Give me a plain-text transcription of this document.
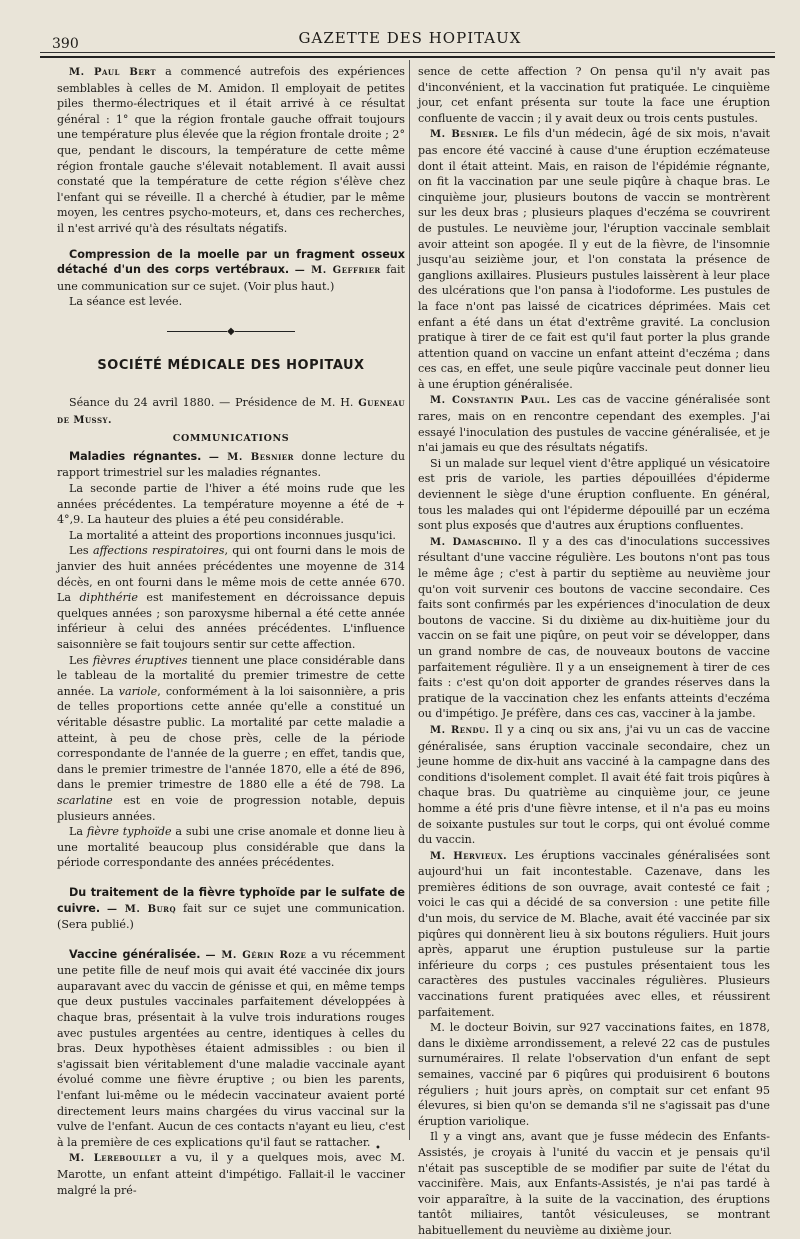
390	GAZETTE DES HOPITAUX

M. Paul Bert a commencé autrefois des expériences semblables à celles de M. Amidon. Il employait de petites piles thermo-électriques et il était arrivé à ce résultat général : 1° que la région frontale gauche offrait toujours une température plus élevée que la région frontale droite ; 2° que, pendant le discours, la température de cette même région frontale gauche s'élevait notablement. Il avait aussi constaté que la température de cette région s'élève chez l'enfant qui se réveille. Il a cherché à étudier, par le même moyen, les centres psycho-moteurs, et, dans ces recherches, il n'est arrivé qu'à des résultats négatifs.

Compression de la moelle par un fragment osseux détaché d'un des corps vertébraux. — M. Geffrier fait une communication sur ce sujet. (Voir plus haut.)

La séance est levée.

◆
SOCIÉTÉ MÉDICALE DES HOPITAUX

Séance du 24 avril 1880. — Présidence de M. H. Gueneau de Mussy.

COMMUNICATIONS

Maladies régnantes. — M. Besnier donne lecture du rapport trimestriel sur les maladies régnantes.

La seconde partie de l'hiver a été moins rude que les années précédentes. La température moyenne a été de + 4°,9. La hauteur des pluies a été peu considérable.

La mortalité a atteint des proportions inconnues jusqu'ici.

Les affections respiratoires, qui ont fourni dans le mois de janvier des huit années précédentes une moyenne de 314 décès, en ont fourni dans le même mois de cette année 670. La diphthérie est manifestement en décroissance depuis quelques années ; son paroxysme hibernal a été cette année inférieur à celui des années précédentes. L'influence saisonnière se fait toujours sentir sur cette affection.

Les fièvres éruptives tiennent une place considérable dans le tableau de la mortalité du premier trimestre de cette année. La variole, conformément à la loi saisonnière, a pris de telles proportions cette année qu'elle a constitué un véritable désastre public. La mortalité par cette maladie a atteint, à peu de chose près, celle de la période correspondante de l'année de la guerre ; en effet, tandis que, dans le premier trimestre de l'année 1870, elle a été de 896, dans le premier trimestre de 1880 elle a été de 798. La scarlatine est en voie de progression notable, depuis plusieurs années.

La fièvre typhoïde a subi une crise anomale et donne lieu à une mortalité beaucoup plus considérable que dans la période correspondante des années précédentes.

Du traitement de la fièvre typhoïde par le sulfate de cuivre. — M. Burq fait sur ce sujet une communication. (Sera publié.)

Vaccine généralisée. — M. Gérin Roze a vu récemment une petite fille de neuf mois qui avait été vaccinée dix jours auparavant avec du vaccin de génisse et qui, en même temps que deux pustules vaccinales parfaitement développées à chaque bras, présentait à la vulve trois indurations rouges avec pustules argentées au centre, identiques à celles du bras. Deux hypothèses étaient admissibles : ou bien il s'agissait bien véritablement d'une maladie vaccinale ayant évolué comme une fièvre éruptive ; ou bien les parents, l'enfant lui-même ou le médecin vaccinateur avaient porté directement leurs mains chargées du virus vaccinal sur la vulve de l'enfant. Aucun de ces contacts n'ayant eu lieu, c'est à la première de ces explications qu'il faut se rattacher.

M. Lereboullet a vu, il y a quelques mois, avec M. Marotte, un enfant atteint d'impétigo. Fallait-il le vacciner malgré la pré-

sence de cette affection ? On pensa qu'il n'y avait pas d'inconvénient, et la vaccination fut pratiquée. Le cinquième jour, cet enfant présenta sur toute la face une éruption confluente de vaccin ; il y avait deux ou trois cents pustules.

M. Besnier. Le fils d'un médecin, âgé de six mois, n'avait pas encore été vacciné à cause d'une éruption eczémateuse dont il était atteint. Mais, en raison de l'épidémie régnante, on fit la vaccination par une seule piqûre à chaque bras. Le cinquième jour, plusieurs boutons de vaccin se montrèrent sur les deux bras ; plusieurs plaques d'eczéma se couvrirent de pustules. Le neuvième jour, l'éruption vaccinale semblait avoir atteint son apogée. Il y eut de la fièvre, de l'insomnie jusqu'au seizième jour, et l'on constata la présence de ganglions axillaires. Plusieurs pustules laissèrent à leur place des ulcérations que l'on pansa à l'iodoforme. Les pustules de la face n'ont pas laissé de cicatrices déprimées. Mais cet enfant a été dans un état d'extrême gravité. La conclusion pratique à tirer de ce fait est qu'il faut porter la plus grande attention quand on vaccine un enfant atteint d'eczéma ; dans ces cas, en effet, une seule piqûre vaccinale peut donner lieu à une éruption généralisée.

M. Constantin Paul. Les cas de vaccine généralisée sont rares, mais on en rencontre cependant des exemples. J'ai essayé l'inoculation des pustules de vaccine généralisée, et je n'ai jamais eu que des résultats négatifs.

Si un malade sur lequel vient d'être appliqué un vésicatoire est pris de variole, les parties dépouillées d'épiderme deviennent le siège d'une éruption confluente. En général, tous les malades qui ont l'épiderme dépouillé par un eczéma sont plus exposés que d'autres aux éruptions confluentes.

M. Damaschino. Il y a des cas d'inoculations successives résultant d'une vaccine régulière. Les boutons n'ont pas tous le même âge ; c'est à partir du septième au neuvième jour qu'on voit survenir ces boutons de vaccine secondaire. Ces faits sont confirmés par les expériences d'inoculation de deux boutons de vaccine. Si du dixième au dix-huitième jour du vaccin on se fait une piqûre, on peut voir se développer, dans un grand nombre de cas, de nouveaux boutons de vaccine parfaitement régulière. Il y a un enseignement à tirer de ces faits : c'est qu'on doit apporter de grandes réserves dans la pratique de la vaccination chez les enfants atteints d'eczéma ou d'impétigo. Je préfère, dans ces cas, vacciner à la jambe.

M. Rendu. Il y a cinq ou six ans, j'ai vu un cas de vaccine généralisée, sans éruption vaccinale secondaire, chez un jeune homme de dix-huit ans vacciné à la campagne dans des conditions d'isolement complet. Il avait été fait trois piqûres à chaque bras. Du quatrième au cinquième jour, ce jeune homme a été pris d'une fièvre intense, et il n'a pas eu moins de soixante pustules sur tout le corps, qui ont évolué comme du vaccin.

M. Hervieux. Les éruptions vaccinales généralisées sont aujourd'hui un fait incontestable. Cazenave, dans les premières éditions de son ouvrage, avait contesté ce fait ; voici le cas qui a décidé de sa conversion : une petite fille d'un mois, du service de M. Blache, avait été vaccinée par six piqûres qui donnèrent lieu à six boutons réguliers. Huit jours après, apparut une éruption pustuleuse sur la partie inférieure du corps ; ces pustules présentaient tous les caractères des pustules vaccinales régulières. Plusieurs vaccinations furent pratiquées avec elles, et réussirent parfaitement.

M. le docteur Boivin, sur 927 vaccinations faites, en 1878, dans le dixième arrondissement, a relevé 22 cas de pustules surnuméraires. Il relate l'observation d'un enfant de sept semaines, vacciné par 6 piqûres qui produisirent 6 boutons réguliers ; huit jours après, on comptait sur cet enfant 95 élevures, si bien qu'on se demanda s'il ne s'agissait pas d'une éruption variolique.

Il y a vingt ans, avant que je fusse médecin des Enfants-Assistés, je croyais à l'unité du vaccin et je pensais qu'il n'était pas susceptible de se modifier par suite de l'état du vaccinifère. Mais, aux Enfants-Assistés, je n'ai pas tardé à voir apparaître, à la suite de la vaccination, des éruptions tantôt miliaires, tantôt vésiculeuses, se montrant habituellement du neuvième au dixième jour.

•
